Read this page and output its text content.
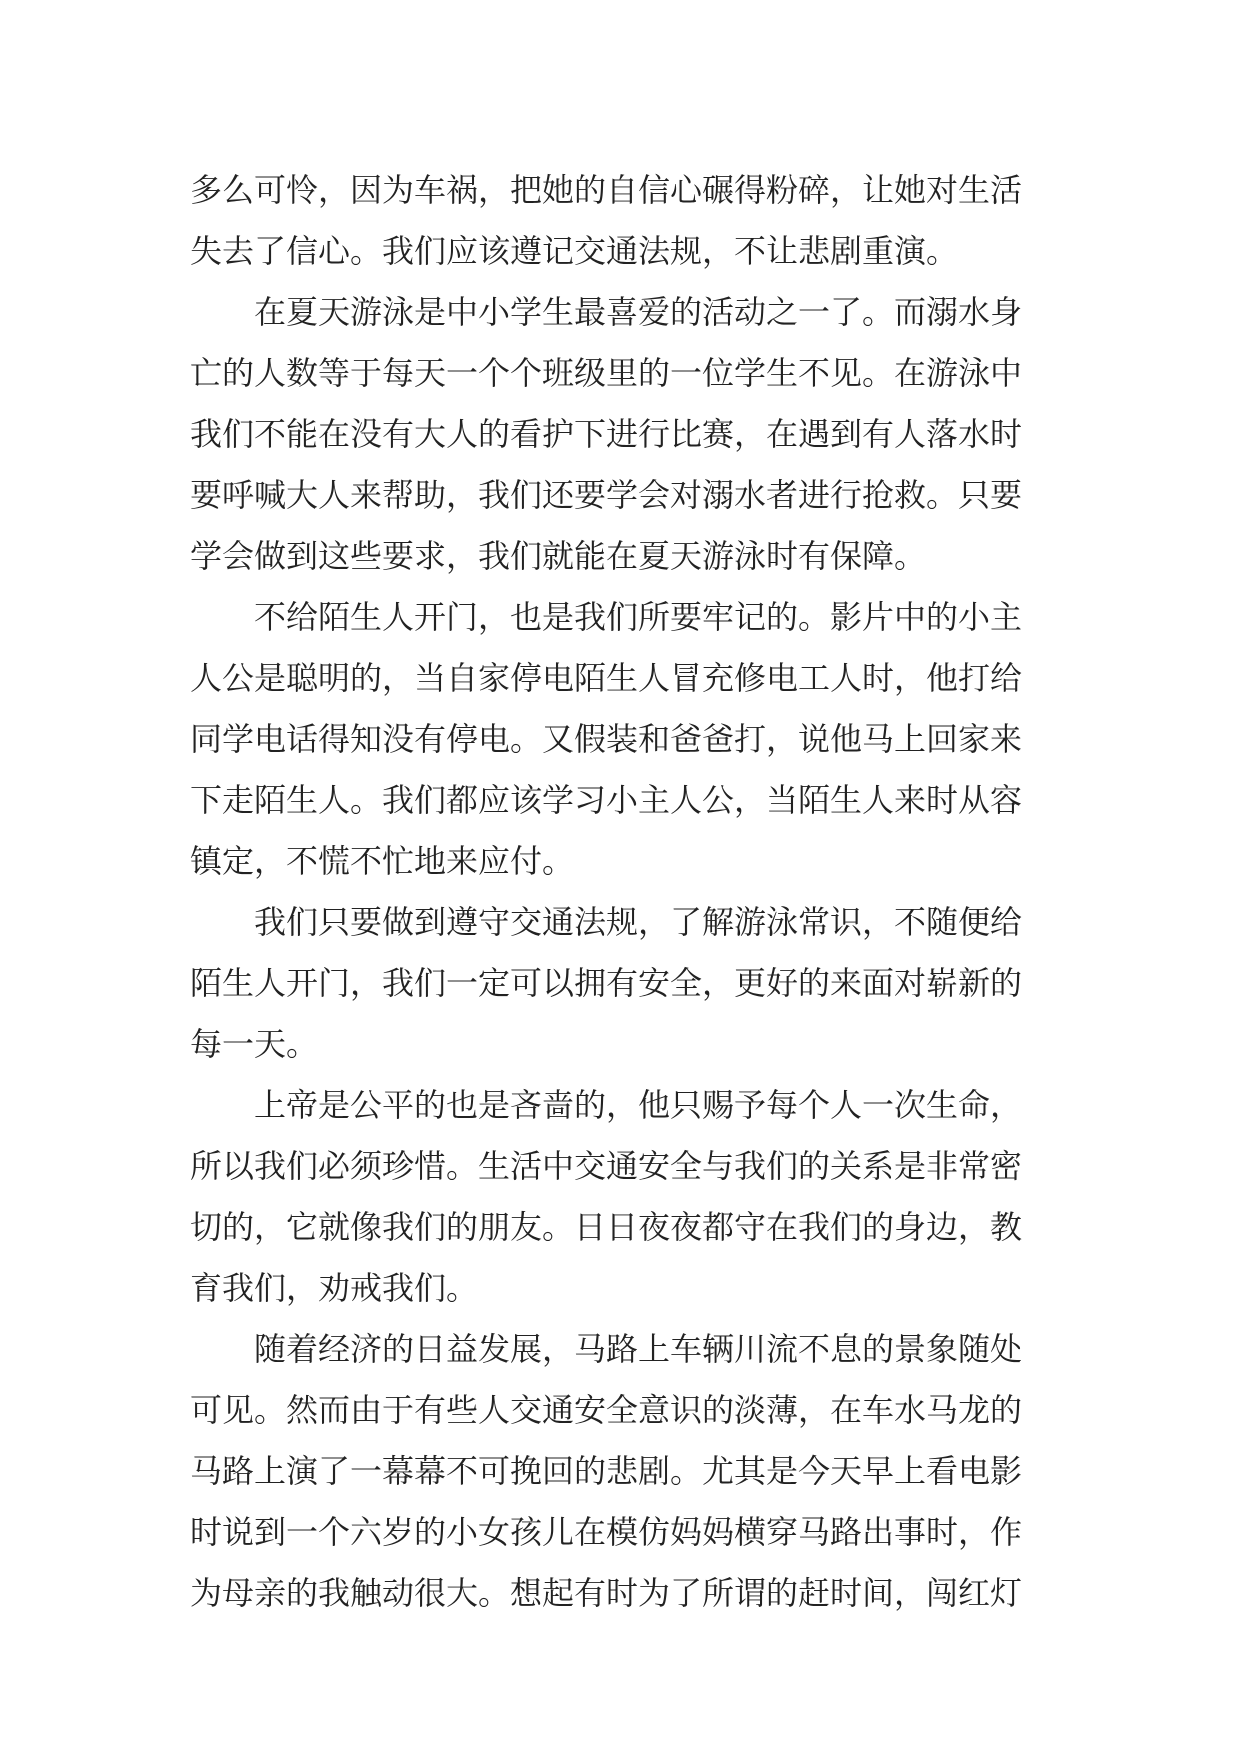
多么可怜，因为车祸，把她的自信心碾得粉碎，让她对生活
失去了信心。我们应该遵记交通法规，不让悲剧重演。
在夏天游泳是中小学生最喜爱的活动之一了。而溺水身
亡的人数等于每天一个个班级里的一位学生不见。在游泳中
我们不能在没有大人的看护下进行比赛，在遇到有人落水时
要呼喊大人来帮助，我们还要学会对溺水者进行抢救。只要
学会做到这些要求，我们就能在夏天游泳时有保障。
不给陌生人开门，也是我们所要牢记的。影片中的小主
人公是聪明的，当自家停电陌生人冒充修电工人时，他打给
同学电话得知没有停电。又假装和爸爸打，说他马上回家来
下走陌生人。我们都应该学习小主人公，当陌生人来时从容
镇定，不慌不忙地来应付。
我们只要做到遵守交通法规，了解游泳常识，不随便给
陌生人开门，我们一定可以拥有安全，更好的来面对崭新的
每一天。
上帝是公平的也是吝啬的，他只赐予每个人一次生命，
所以我们必须珍惜。生活中交通安全与我们的关系是非常密
切的，它就像我们的朋友。日日夜夜都守在我们的身边，教
育我们，劝戒我们。
随着经济的日益发展，马路上车辆川流不息的景象随处
可见。然而由于有些人交通安全意识的淡薄，在车水马龙的
马路上演了一幕幕不可挽回的悲剧。尤其是今天早上看电影
时说到一个六岁的小女孩儿在模仿妈妈横穿马路出事时，作
为母亲的我触动很大。想起有时为了所谓的赶时间，闯红灯
